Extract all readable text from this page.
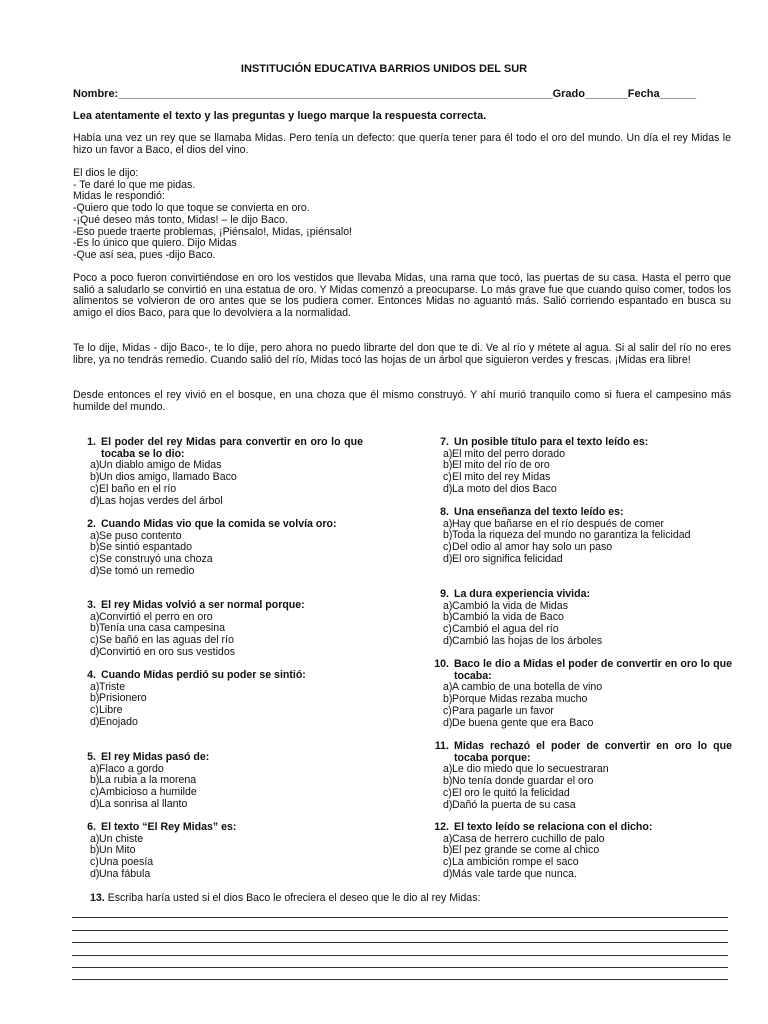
INSTITUCIÓN EDUCATIVA BARRIOS UNIDOS DEL SUR
Nombre:_______________________________________________________________________Grado_______Fecha______
Lea atentamente el texto y las preguntas y luego marque la respuesta correcta.

Había una vez un rey que se llamaba Midas. Pero tenía un defecto: que quería tener para él todo el oro del mundo. Un día el rey Midas le hizo un favor a Baco, el dios del vino.

El dios le dijo:
- Te daré lo que me pidas.
Midas le respondió:
-Quiero que todo lo que toque se convierta en oro.
-¡Qué deseo más tonto, Midas! – le dijo Baco.
-Eso puede traerte problemas, ¡Piénsalo!, Midas, ¡piénsalo!
-Es lo único que quiero. Dijo Midas
-Que así sea, pues -dijo Baco.

Poco a poco fueron convirtiéndose en oro los vestidos que llevaba Midas, una rama que tocó, las puertas de su casa. Hasta el perro que salió a saludarlo se convirtió en una estatua de oro. Y Midas comenzó a preocuparse. Lo más grave fue que cuando quiso comer, todos los alimentos se volvieron de oro antes que se los pudiera comer. Entonces Midas no aguantó más. Salió corriendo espantado en busca su amigo el dios Baco, para que lo devolviera a la normalidad.

Te lo dije, Midas - dijo Baco-, te lo dije, pero ahora no puedo librarte del don que te di. Ve al río y métete al agua. Si al salir del río no eres libre, ya no tendrás remedio. Cuando salió del río, Midas tocó las hojas de un árbol que siguieron verdes y frescas. ¡Midas era libre!

Desde entonces el rey vivió en el bosque, en una choza que él mismo construyó. Y ahí murió tranquilo como si fuera el campesino más humilde del mundo.

1. El poder del rey Midas para convertir en oro lo que tocaba se lo dio:
a) Un diablo amigo de Midas
b) Un dios amigo, llamado Baco
c) El baño en el río
d) Las hojas verdes del árbol
2. Cuando Midas vio que la comida se volvía oro:
a) Se puso contento
b) Se sintió espantado
c) Se construyó una choza
d) Se tomó un remedio
3. El rey Midas volvió a ser normal porque:
a) Convirtió el perro en oro
b) Tenía una casa campesina
c) Se bañó en las aguas del río
d) Convirtió en oro sus vestidos
4. Cuando Midas perdió su poder se sintió:
a) Triste
b) Prisionero
c) Libre
d) Enojado
5. El rey Midas pasó de:
a) Flaco a gordo
b) La rubia a la morena
c) Ambicioso a humilde
d) La sonrisa al llanto
6. El texto “El Rey Midas” es:
a) Un chiste
b) Un Mito
c) Una poesía
d) Una fábula
7. Un posible título para el texto leído es:
a) El mito del perro dorado
b) El mito del río de oro
c) El mito del rey Midas
d) La moto del dios Baco
8. Una enseñanza del texto leído es:
a) Hay que bañarse en el río después de comer
b) Toda la riqueza del mundo no garantiza la felicidad
c) Del odio al amor hay solo un paso
d) El oro significa felicidad
9. La dura experiencia vivida:
a) Cambió la vida de Midas
b) Cambió la vida de Baco
c) Cambió el agua del río
d) Cambió las hojas de los árboles
10. Baco le dio a Midas el poder de convertir en oro lo que tocaba:
a) A cambio de una botella de vino
b) Porque Midas rezaba mucho
c) Para pagarle un favor
d) De buena gente que era Baco
11. Midas rechazó el poder de convertir en oro lo que tocaba porque:
a) Le dio miedo que lo secuestraran
b) No tenía donde guardar el oro
c) El oro le quitó la felicidad
d) Dañó la puerta de su casa
12. El texto leído se relaciona con el dicho:
a) Casa de herrero cuchillo de palo
b) El pez grande se come al chico
c) La ambición rompe el saco
d) Más vale tarde que nunca.
13. Escriba haría usted si el dios Baco le ofreciera el deseo que le dio al rey Midas:
